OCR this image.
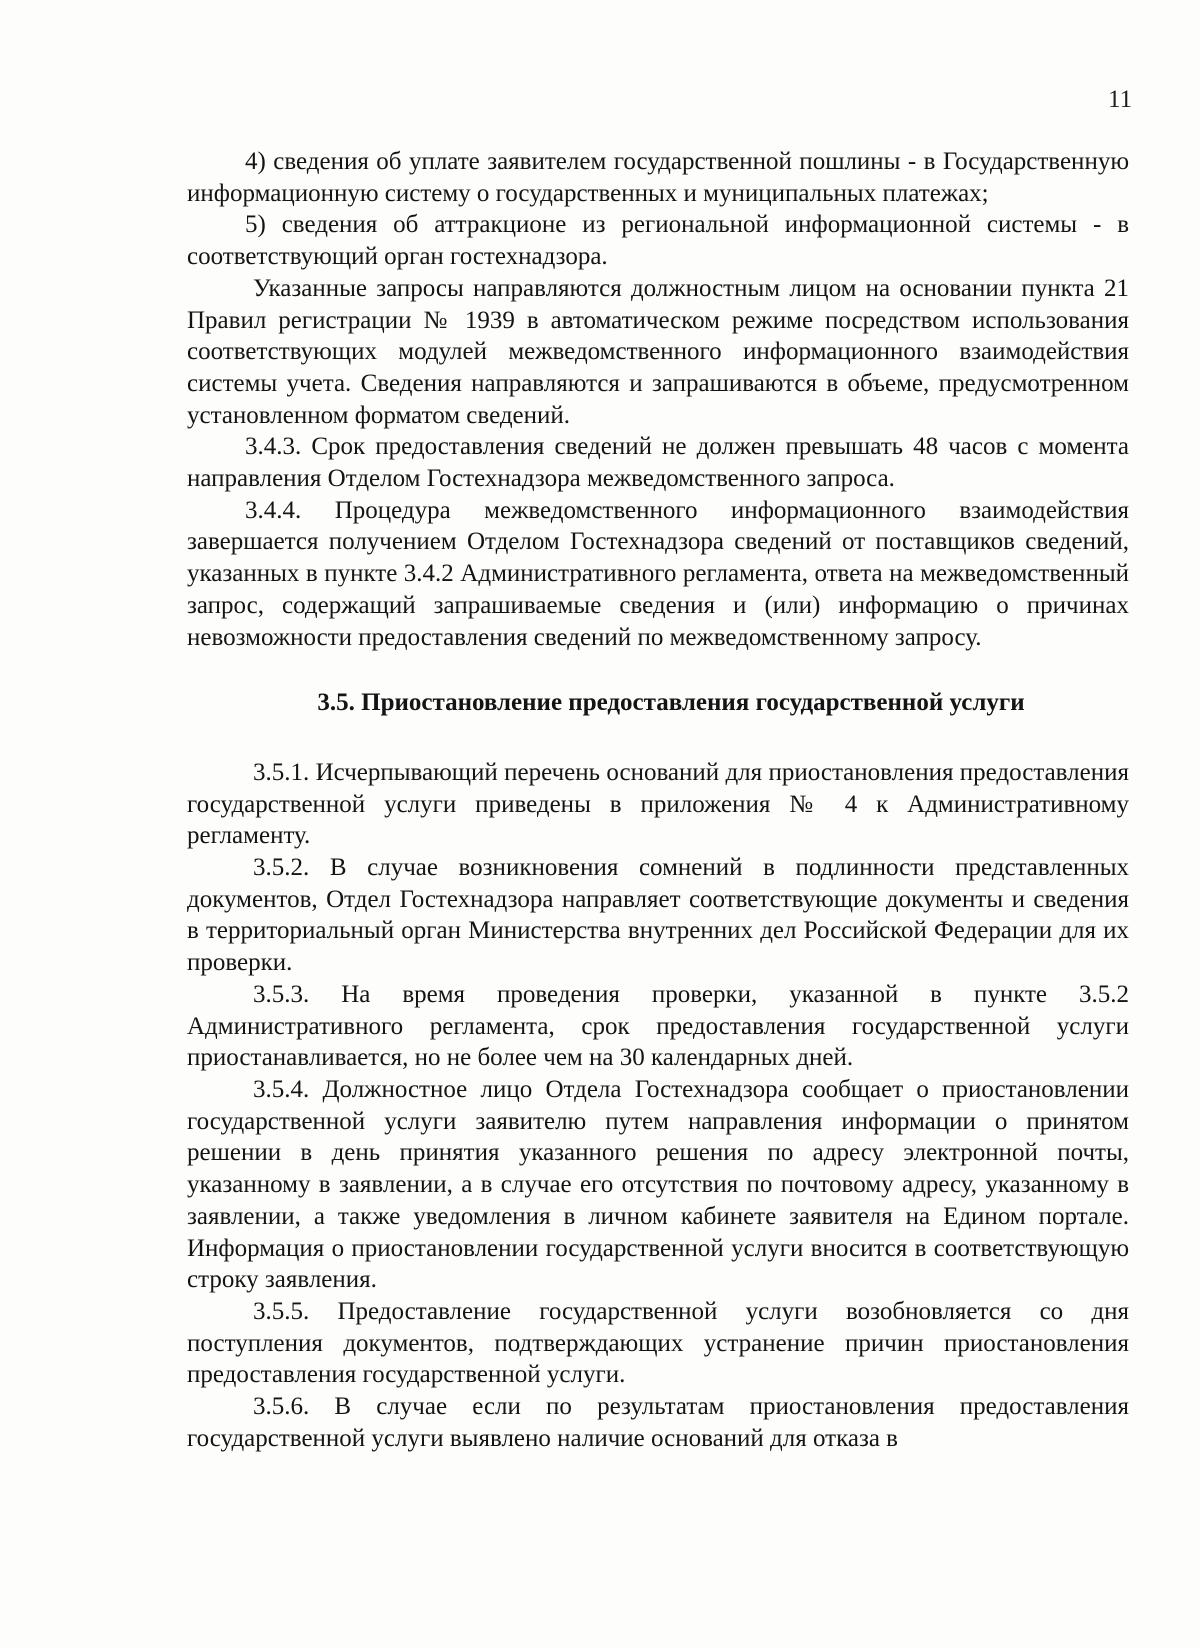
11

4) сведения об уплате заявителем государственной пошлины - в Государственную информационную систему о государственных и муниципальных платежах;

5) сведения об аттракционе из региональной информационной системы - в соответствующий орган гостехнадзора.

Указанные запросы направляются должностным лицом на основании пункта 21 Правил регистрации № 1939 в автоматическом режиме посредством использования соответствующих модулей межведомственного информационного взаимодействия системы учета. Сведения направляются и запрашиваются в объеме, предусмотренном установленном форматом сведений.

3.4.3. Срок предоставления сведений не должен превышать 48 часов с момента направления Отделом Гостехнадзора межведомственного запроса.

3.4.4. Процедура межведомственного информационного взаимодействия завершается получением Отделом Гостехнадзора сведений от поставщиков сведений, указанных в пункте 3.4.2 Административного регламента, ответа на межведомственный запрос, содержащий запрашиваемые сведения и (или) информацию о причинах невозможности предоставления сведений по межведомственному запросу.

3.5. Приостановление предоставления государственной услуги

3.5.1. Исчерпывающий перечень оснований для приостановления предоставления государственной услуги приведены в приложения № 4 к Административному регламенту.

3.5.2. В случае возникновения сомнений в подлинности представленных документов, Отдел Гостехнадзора направляет соответствующие документы и сведения в территориальный орган Министерства внутренних дел Российской Федерации для их проверки.

3.5.3. На время проведения проверки, указанной в пункте 3.5.2 Административного регламента, срок предоставления государственной услуги приостанавливается, но не более чем на 30 календарных дней.

3.5.4. Должностное лицо Отдела Гостехнадзора сообщает о приостановлении государственной услуги заявителю путем направления информации о принятом решении в день принятия указанного решения по адресу электронной почты, указанному в заявлении, а в случае его отсутствия по почтовому адресу, указанному в заявлении, а также уведомления в личном кабинете заявителя на Едином портале. Информация о приостановлении государственной услуги вносится в соответствующую строку заявления.

3.5.5. Предоставление государственной услуги возобновляется со дня поступления документов, подтверждающих устранение причин приостановления предоставления государственной услуги.

3.5.6. В случае если по результатам приостановления предоставления государственной услуги выявлено наличие оснований для отказа в
